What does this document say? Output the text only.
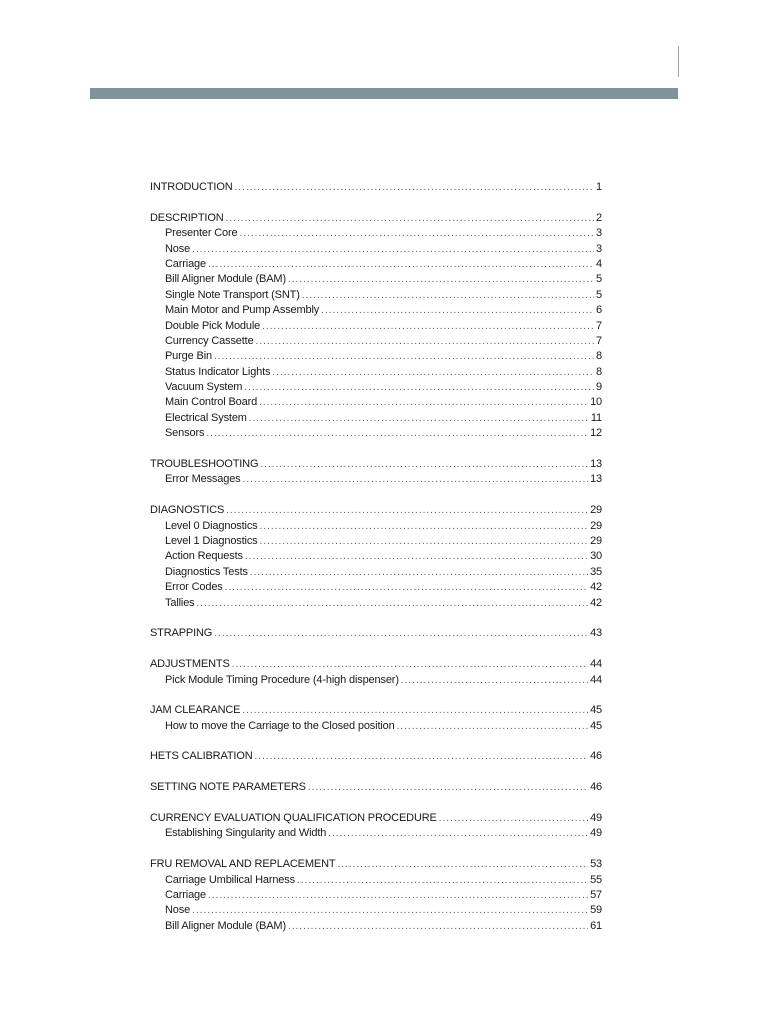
INTRODUCTION .....	1
DESCRIPTION .....	2
Presenter Core .....	3
Nose .....	3
Carriage .....	4
Bill Aligner Module (BAM) .....	5
Single Note Transport (SNT) .....	5
Main Motor and Pump Assembly .....	6
Double Pick Module .....	7
Currency Cassette .....	7
Purge Bin .....	8
Status Indicator Lights .....	8
Vacuum System .....	9
Main Control Board .....	10
Electrical System .....	11
Sensors .....	12
TROUBLESHOOTING .....	13
Error Messages .....	13
DIAGNOSTICS .....	29
Level 0 Diagnostics .....	29
Level 1 Diagnostics .....	29
Action Requests .....	30
Diagnostics Tests .....	35
Error Codes .....	42
Tallies .....	42
STRAPPING .....	43
ADJUSTMENTS .....	44
Pick Module Timing Procedure (4-high dispenser) .....	44
JAM CLEARANCE .....	45
How to move the Carriage to the Closed position .....	45
HETS CALIBRATION .....	46
SETTING NOTE PARAMETERS .....	46
CURRENCY EVALUATION QUALIFICATION PROCEDURE .....	49
Establishing Singularity and Width .....	49
FRU REMOVAL AND REPLACEMENT .....	53
Carriage Umbilical Harness .....	55
Carriage .....	57
Nose .....	59
Bill Aligner Module (BAM) .....	61
